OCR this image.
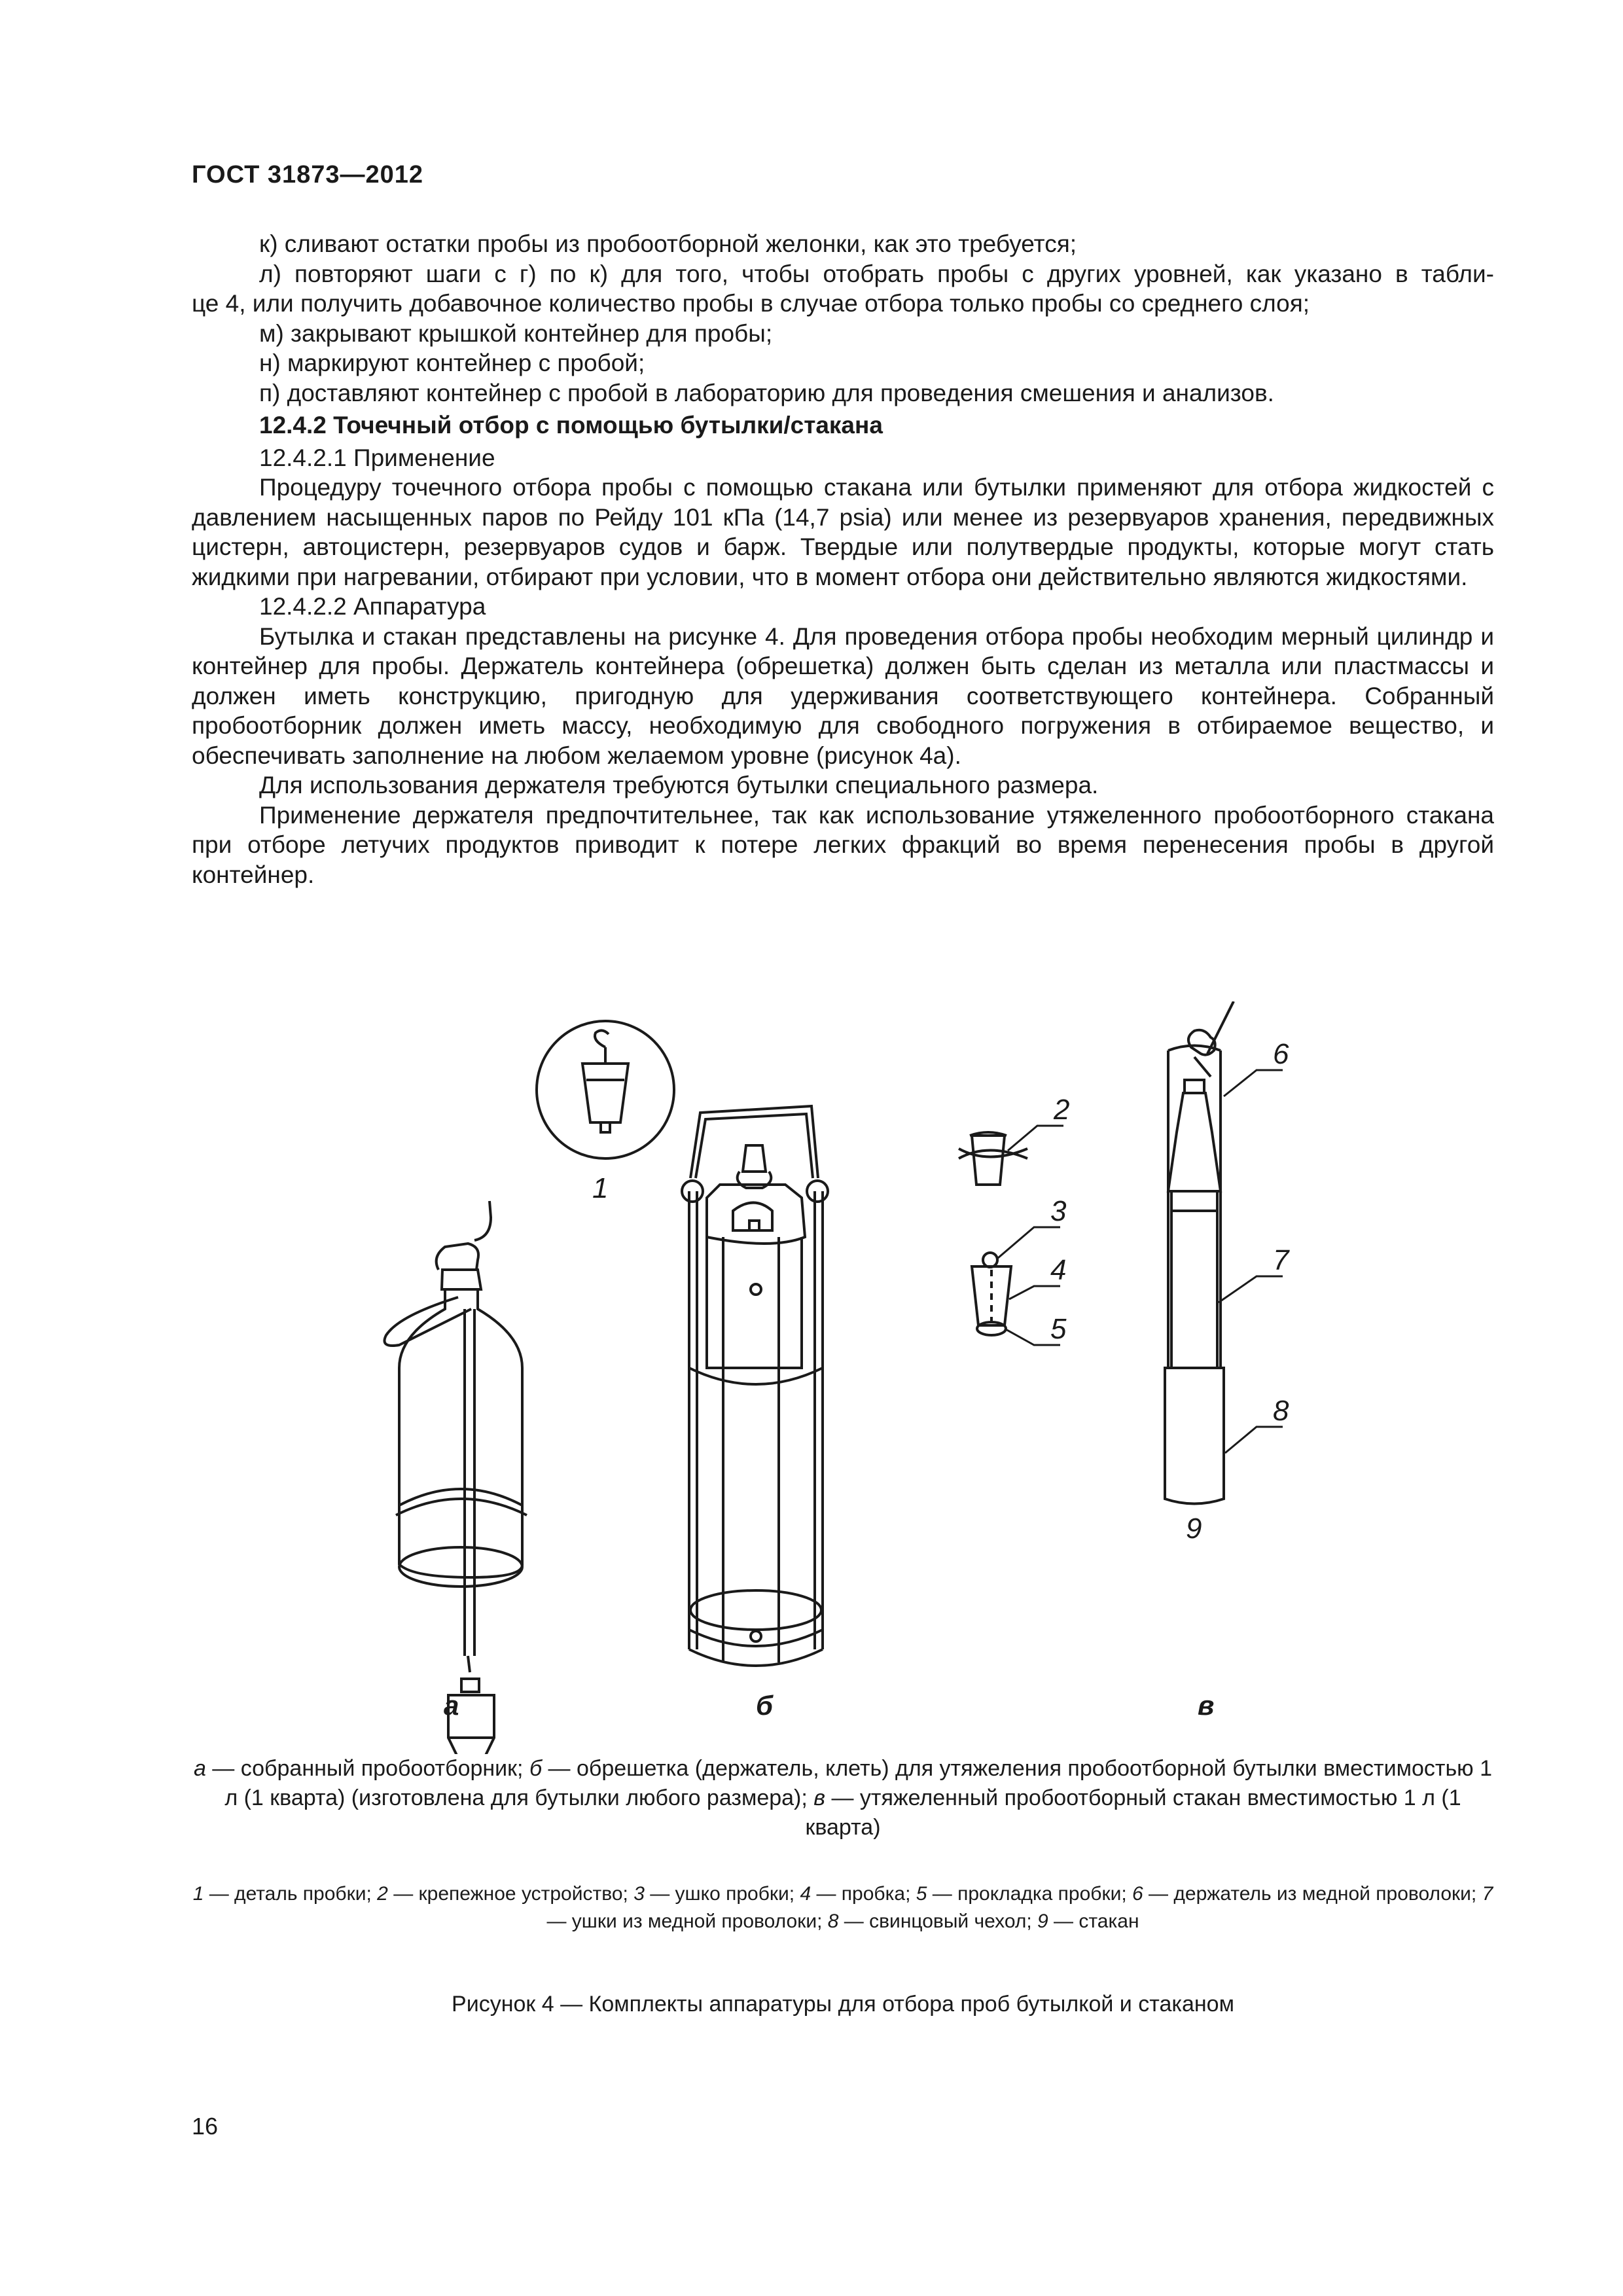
ГОСТ 31873—2012

к) сливают остатки пробы из пробоотборной желонки, как это требуется;

л) повторяют шаги с г) по к) для того, чтобы отобрать пробы с других уровней, как указано в табли-

це 4, или получить добавочное количество пробы в случае отбора только пробы со среднего слоя;

м) закрывают крышкой контейнер для пробы;

н) маркируют контейнер с пробой;

п) доставляют контейнер с пробой в лабораторию для проведения смешения и анализов.

12.4.2 Точечный отбор с помощью бутылки/стакана

12.4.2.1 Применение

Процедуру точечного отбора пробы с помощью стакана или бутылки применяют для отбора жидкостей с давлением насыщенных паров по Рейду 101 кПа (14,7 psia) или менее из резервуаров хранения, передвижных цистерн, автоцистерн, резервуаров судов и барж. Твердые или полутвердые продукты, которые могут стать жидкими при нагревании, отбирают при условии, что в момент отбора они действительно являются жидкостями.

12.4.2.2 Аппаратура

Бутылка и стакан представлены на рисунке 4. Для проведения отбора пробы необходим мерный цилиндр и контейнер для пробы. Держатель контейнера (обрешетка) должен быть сделан из металла или пластмассы и должен иметь конструкцию, пригодную для удерживания соответствующего контейнера. Собранный пробоотборник должен иметь массу, необходимую для свободного погружения в отбираемое вещество, и обеспечивать заполнение на любом желаемом уровне (рисунок 4а).

Для использования держателя требуются бутылки специального размера.

Применение держателя предпочтительнее, так как использование утяжеленного пробоотборного стакана при отборе летучих продуктов приводит к потере легких фракций во время перенесения пробы в другой контейнер.

1
2
3
4
5
6
7
8
9
а	б	в
а — собранный пробоотборник; б — обрешетка (держатель, клеть) для утяжеления пробоотборной бутылки вместимостью 1 л (1 кварта) (изготовлена для бутылки любого размера); в — утяжеленный пробоотборный стакан вместимостью 1 л (1 кварта)
1 — деталь пробки; 2 — крепежное устройство; 3 — ушко пробки; 4 — пробка; 5 — прокладка пробки; 6 — держатель из медной проволоки; 7 — ушки из медной проволоки; 8 — свинцовый чехол; 9 — стакан
Рисунок 4 — Комплекты аппаратуры для отбора проб бутылкой и стаканом
16
